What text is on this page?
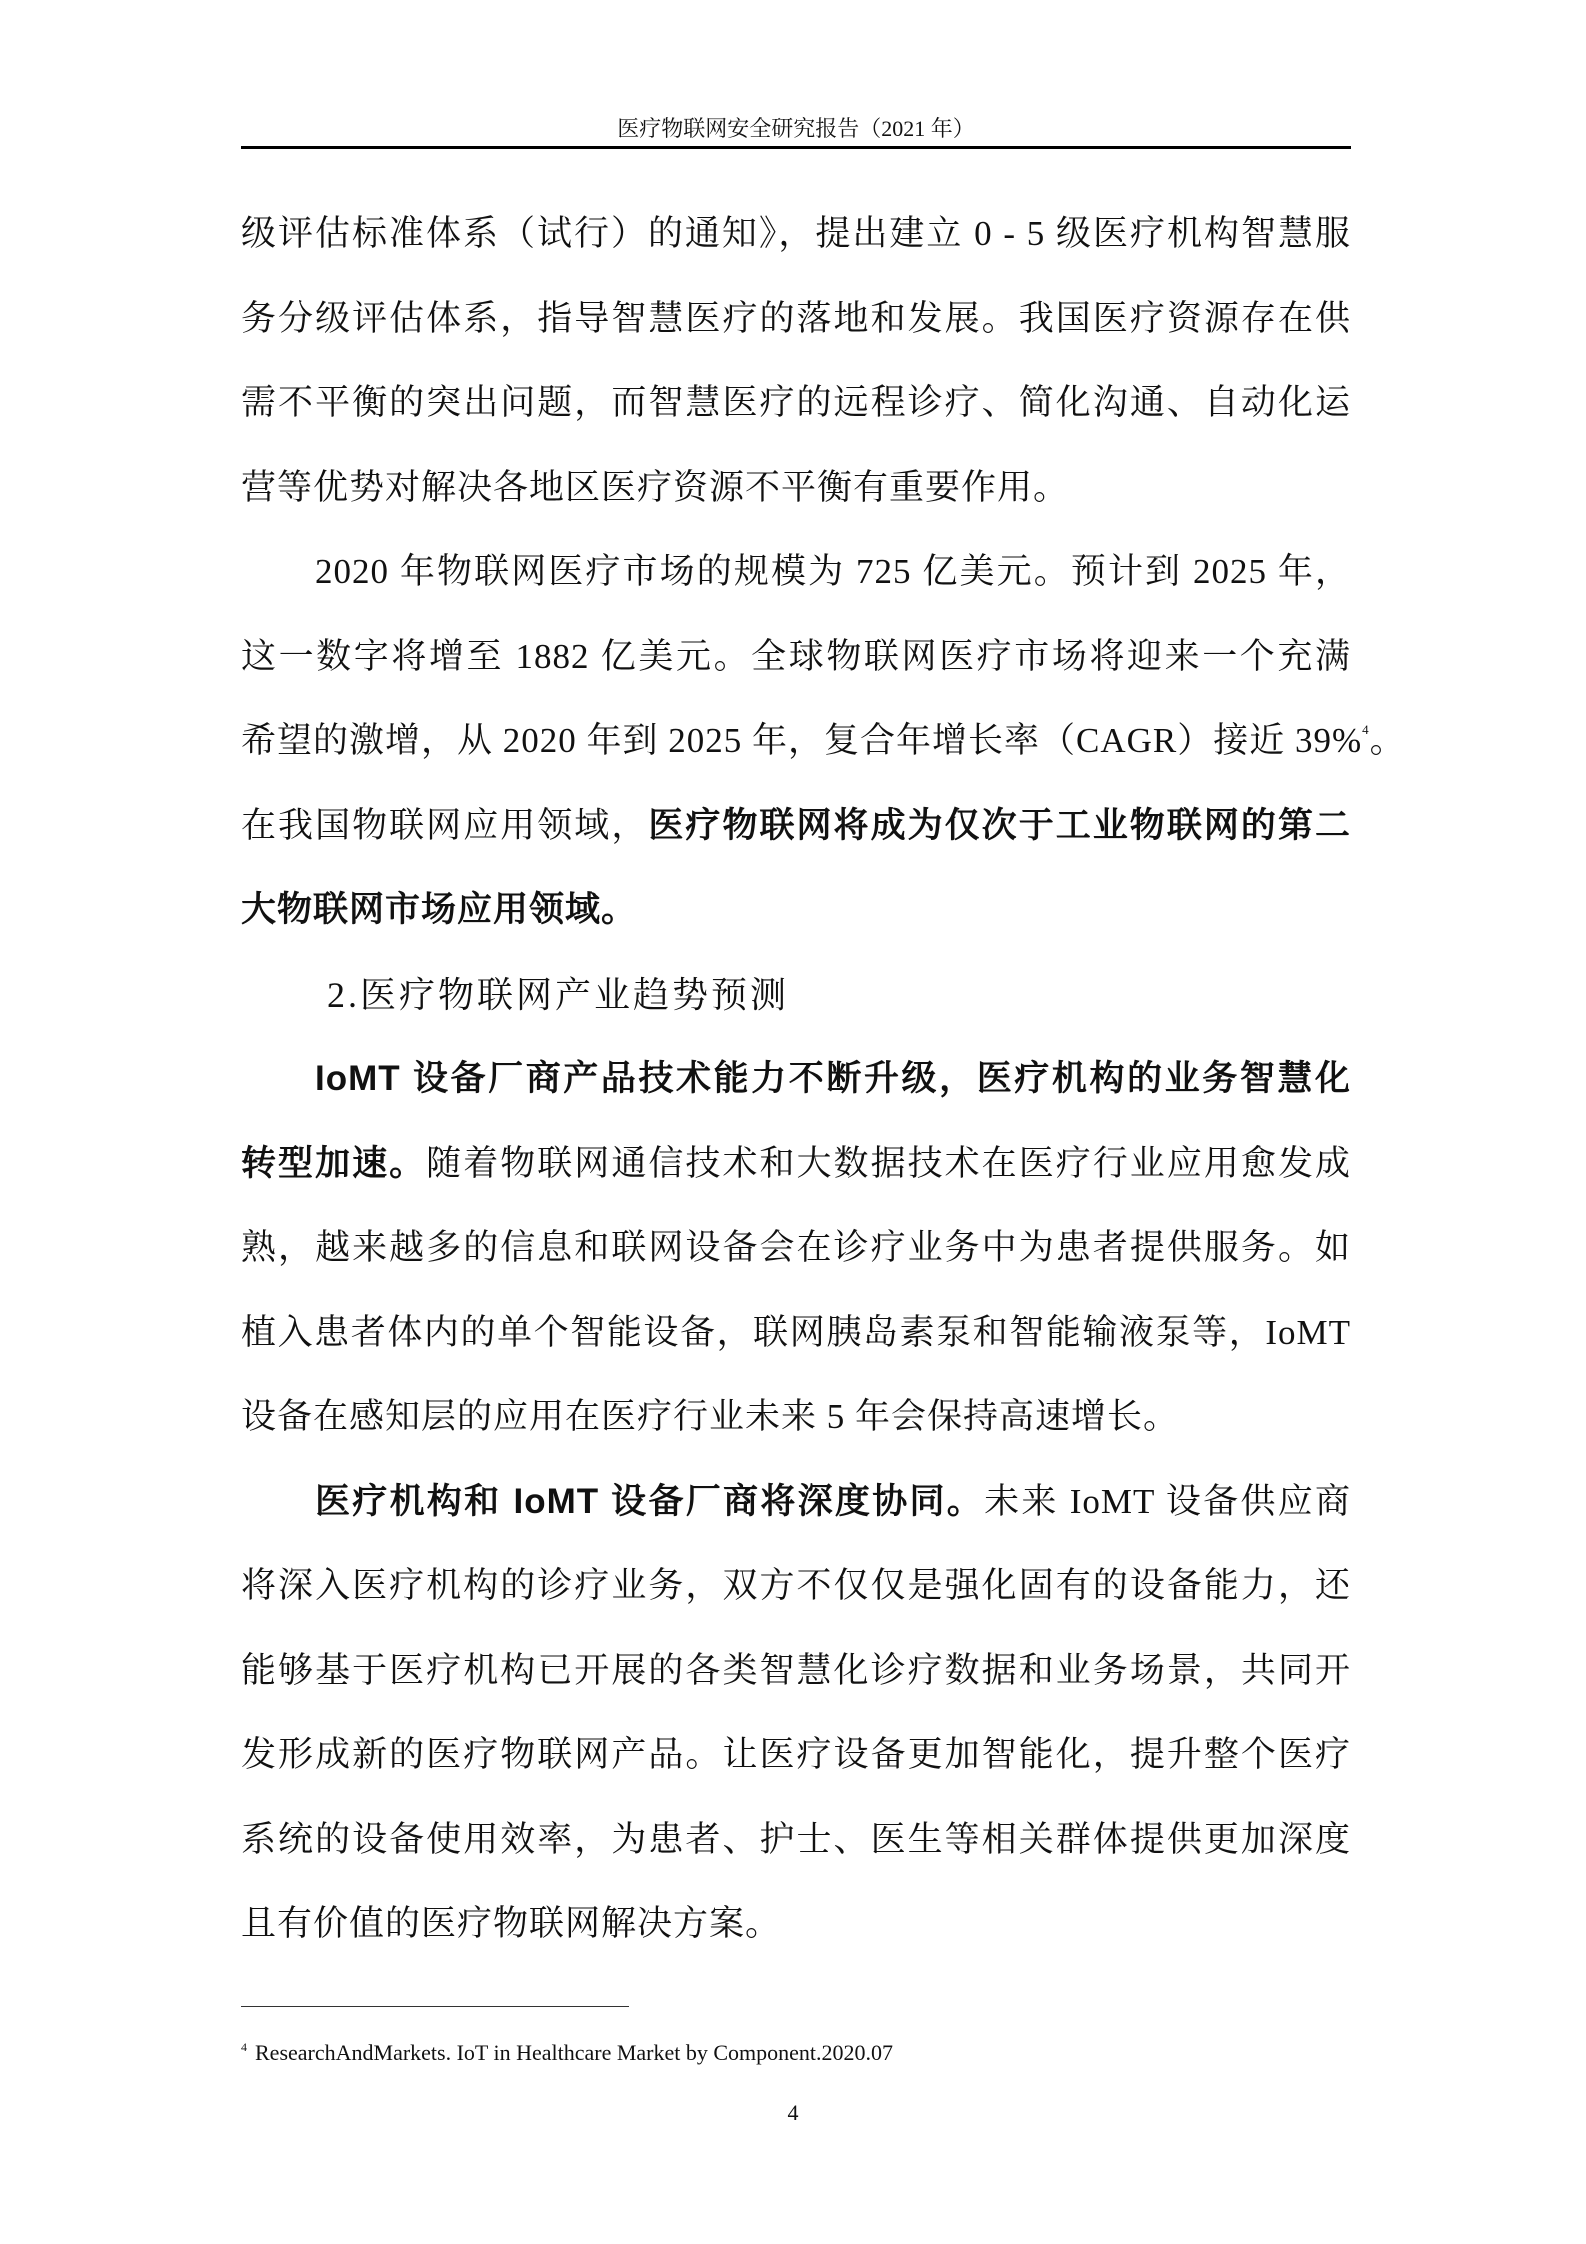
医疗物联网安全研究报告（2021 年）
级评估标准体系（试行）的通知》，提出建立 0 - 5 级医疗机构智慧服
务分级评估体系，指导智慧医疗的落地和发展。我国医疗资源存在供
需不平衡的突出问题，而智慧医疗的远程诊疗、简化沟通、自动化运
营等优势对解决各地区医疗资源不平衡有重要作用。
2020 年物联网医疗市场的规模为 725 亿美元。预计到 2025 年，
这一数字将增至 1882 亿美元。全球物联网医疗市场将迎来一个充满
希望的激增，从 2020 年到 2025 年，复合年增长率（CAGR）接近 39%$^4$。
在我国物联网应用领域，医疗物联网将成为仅次于工业物联网的第二
大物联网市场应用领域。
2.医疗物联网产业趋势预测
IoMT 设备厂商产品技术能力不断升级，医疗机构的业务智慧化
转型加速。随着物联网通信技术和大数据技术在医疗行业应用愈发成
熟，越来越多的信息和联网设备会在诊疗业务中为患者提供服务。如
植入患者体内的单个智能设备，联网胰岛素泵和智能输液泵等，IoMT
设备在感知层的应用在医疗行业未来 5 年会保持高速增长。
医疗机构和 IoMT 设备厂商将深度协同。未来 IoMT 设备供应商
将深入医疗机构的诊疗业务，双方不仅仅是强化固有的设备能力，还
能够基于医疗机构已开展的各类智慧化诊疗数据和业务场景，共同开
发形成新的医疗物联网产品。让医疗设备更加智能化，提升整个医疗
系统的设备使用效率，为患者、护士、医生等相关群体提供更加深度
且有价值的医疗物联网解决方案。
$^4$ ResearchAndMarkets. IoT in Healthcare Market by Component.2020.07
4
